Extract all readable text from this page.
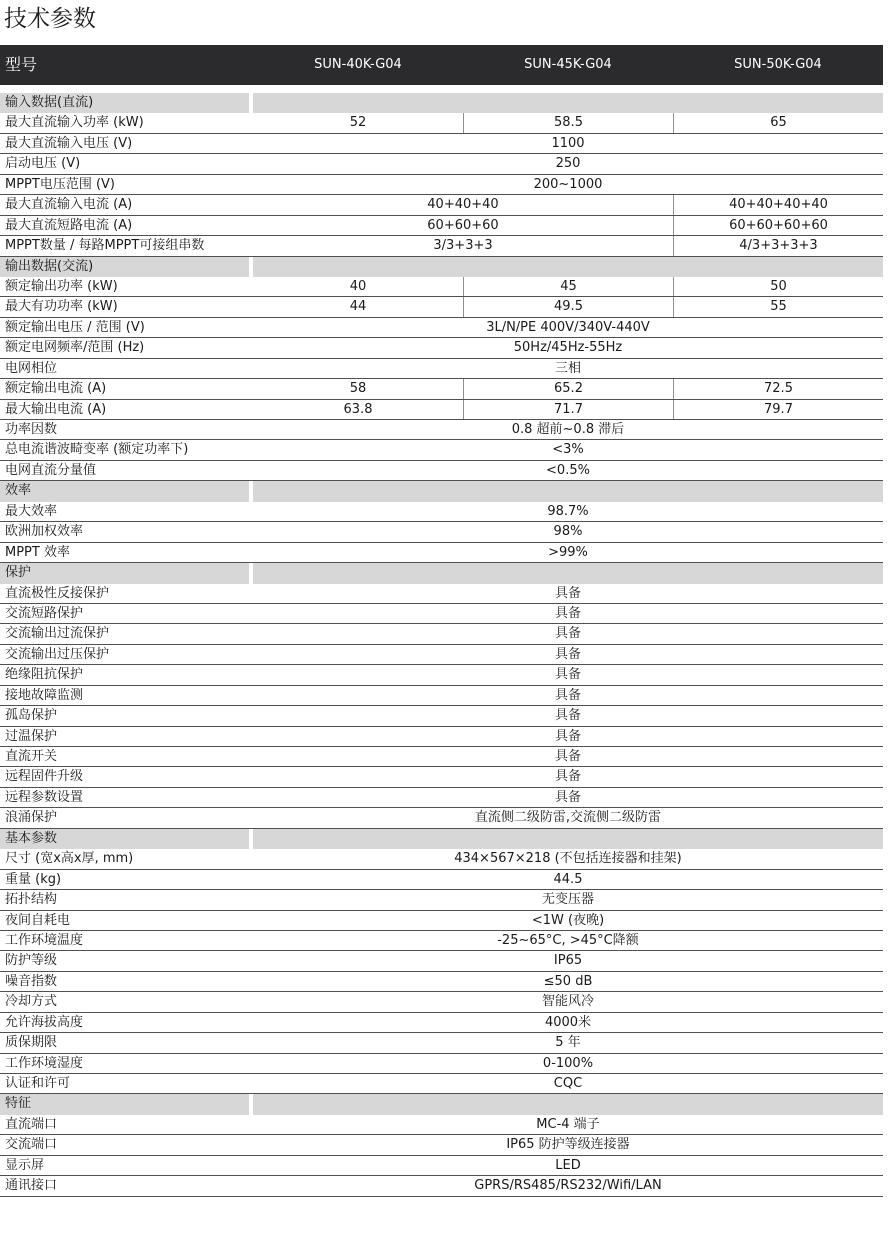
技术参数
型号	SUN-40K-G04	SUN-45K-G04	SUN-50K-G04
输入数据(直流)
最大直流输入功率 (kW)	52	58.5	65
最大直流输入电压 (V)	1100
启动电压 (V)	250
MPPT电压范围 (V)	200~1000
最大直流输入电流 (A)	40+40+40	40+40+40+40
最大直流短路电流 (A)	60+60+60	60+60+60+60
MPPT数量 / 每路MPPT可接组串数	3/3+3+3	4/3+3+3+3
输出数据(交流)
额定输出功率 (kW)	40	45	50
最大有功功率 (kW)	44	49.5	55
额定输出电压 / 范围 (V)	3L/N/PE 400V/340V-440V
额定电网频率/范围 (Hz)	50Hz/45Hz-55Hz
电网相位	三相
额定输出电流 (A)	58	65.2	72.5
最大输出电流 (A)	63.8	71.7	79.7
功率因数	0.8 超前~0.8 滞后
总电流谐波畸变率 (额定功率下)	<3%
电网直流分量值	<0.5%
效率
最大效率	98.7%
欧洲加权效率	98%
MPPT 效率	>99%
保护
直流极性反接保护	具备
交流短路保护	具备
交流输出过流保护	具备
交流输出过压保护	具备
绝缘阻抗保护	具备
接地故障监测	具备
孤岛保护	具备
过温保护	具备
直流开关	具备
远程固件升级	具备
远程参数设置	具备
浪涌保护	直流侧二级防雷,交流侧二级防雷
基本参数
尺寸 (宽x高x厚, mm)	434×567×218 (不包括连接器和挂架)
重量 (kg)	44.5
拓扑结构	无变压器
夜间自耗电	<1W (夜晚)
工作环境温度	-25~65°C, >45°C降额
防护等级	IP65
噪音指数	≤50 dB
冷却方式	智能风冷
允许海拔高度	4000米
质保期限	5 年
工作环境湿度	0-100%
认证和许可	CQC
特征
直流端口	MC-4 端子
交流端口	IP65 防护等级连接器
显示屏	LED
通讯接口	GPRS/RS485/RS232/Wifi/LAN
